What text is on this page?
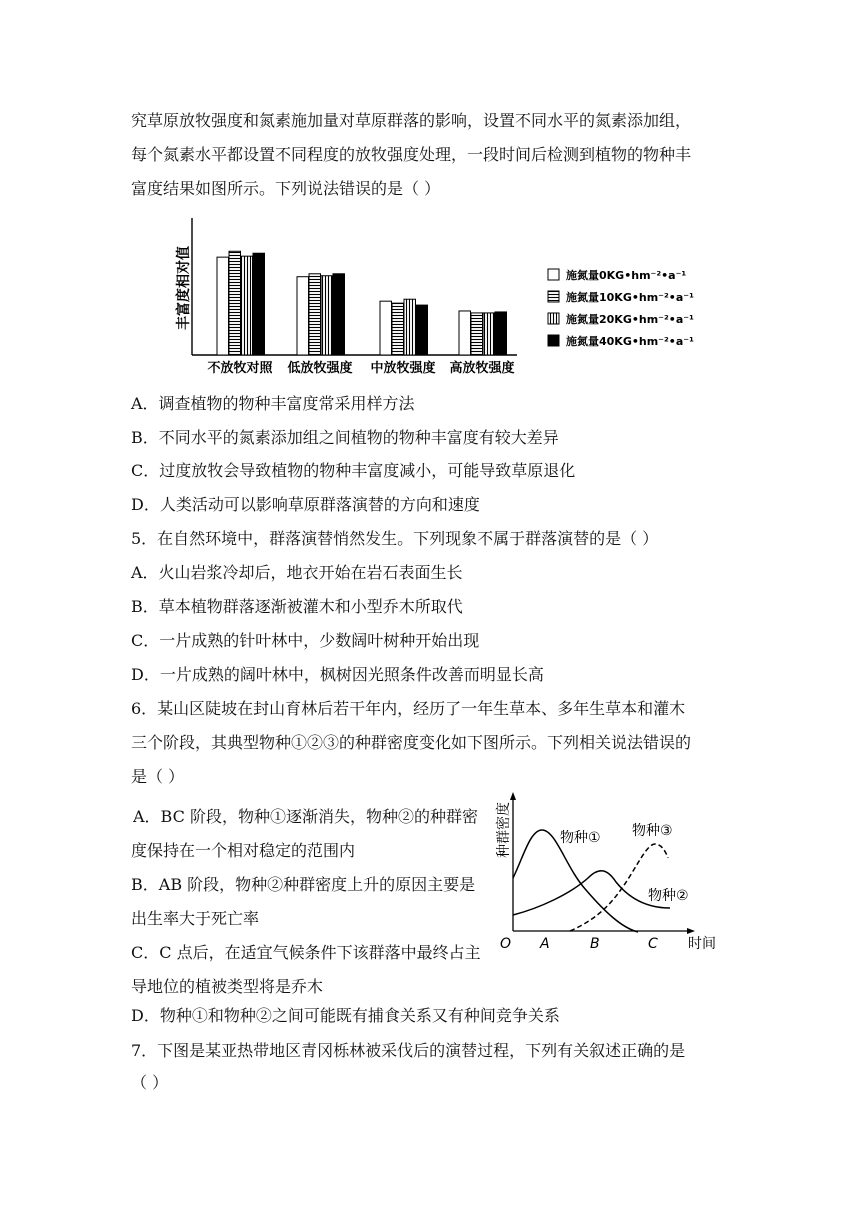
究草原放牧强度和氮素施加量对草原群落的影响，设置不同水平的氮素添加组，
每个氮素水平都设置不同程度的放牧强度处理，一段时间后检测到植物的物种丰
富度结果如图所示。下列说法错误的是（ ）
丰富度相对值
不放牧对照 低放牧强度 中放牧强度 高放牧强度
施氮量0KG•hm⁻²•a⁻¹
施氮量10KG•hm⁻²•a⁻¹
施氮量20KG•hm⁻²•a⁻¹
施氮量40KG•hm⁻²•a⁻¹
A．调查植物的物种丰富度常采用样方法
B．不同水平的氮素添加组之间植物的物种丰富度有较大差异
C．过度放牧会导致植物的物种丰富度减小，可能导致草原退化
D．人类活动可以影响草原群落演替的方向和速度
5．在自然环境中，群落演替悄然发生。下列现象不属于群落演替的是（ ）
A．火山岩浆冷却后，地衣开始在岩石表面生长
B．草本植物群落逐渐被灌木和小型乔木所取代
C．一片成熟的针叶林中，少数阔叶树种开始出现
D．一片成熟的阔叶林中，枫树因光照条件改善而明显长高
6．某山区陡坡在封山育林后若干年内，经历了一年生草本、多年生草本和灌木
三个阶段，其典型物种①②③的种群密度变化如下图所示。下列相关说法错误的
是（ ）
A．BC 阶段，物种①逐渐消失，物种②的种群密度保持在一个相对稳定的范围内
B．AB 阶段，物种②种群密度上升的原因主要是出生率大于死亡率
C．C 点后，在适宜气候条件下该群落中最终占主导地位的植被类型将是乔木
D．物种①和物种②之间可能既有捕食关系又有种间竞争关系
种群密度	物种① 物种③
物种②
O A	B	C 时间
7．下图是某亚热带地区青冈栎林被采伐后的演替过程，下列有关叙述正确的是
（ ）
